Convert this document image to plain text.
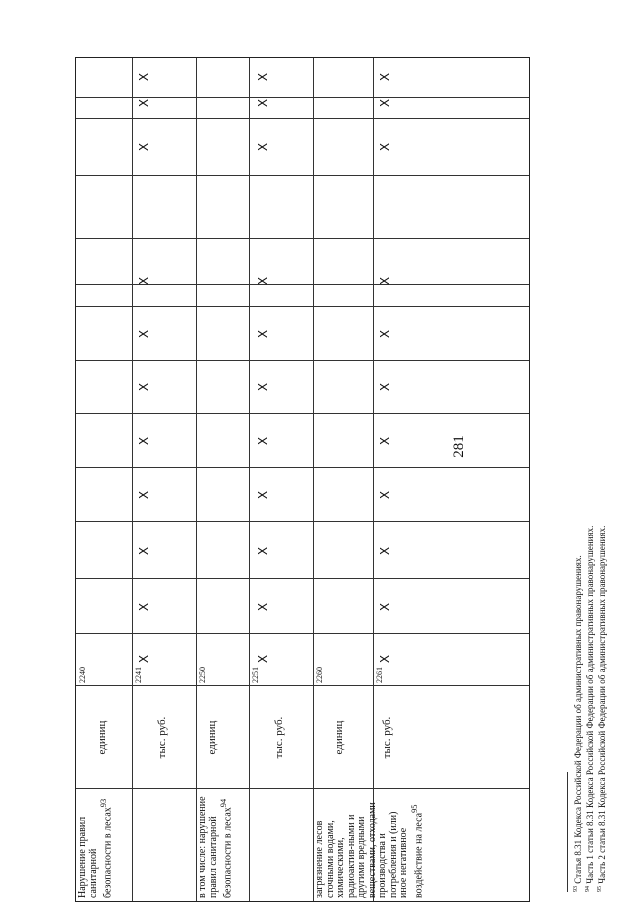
281
Нарушение правил санитарной безопасности в лесах$^{93}$
единиц
2240
тыс. руб.
2241
X
X
X
X
X
X
X
X
X
X
X
в том числе: нарушение правил санитарной безопасности в лесах$^{94}$
единиц
2250
тыс. руб.
2251
X
X
X
X
X
X
X
X
X
X
X
единиц
2260
тыс. руб.
2261
X
X
X
X
X
X
X
X
X
X
X
загрязнение лесов сточными водами, химическими, радиоактив-ными и другими вредными веществами, отходами производства и потребления и (или) иное негативное воздействие на леса$^{95}$
$^{93}$ Статья 8.31 Кодекса Российской Федерации об административных правонарушениях.
$^{94}$ Часть 1 статьи 8.31 Кодекса Российской Федерации об административных правонарушениях.
$^{95}$ Часть 2 статьи 8.31 Кодекса Российской Федерации об административных правонарушениях.
